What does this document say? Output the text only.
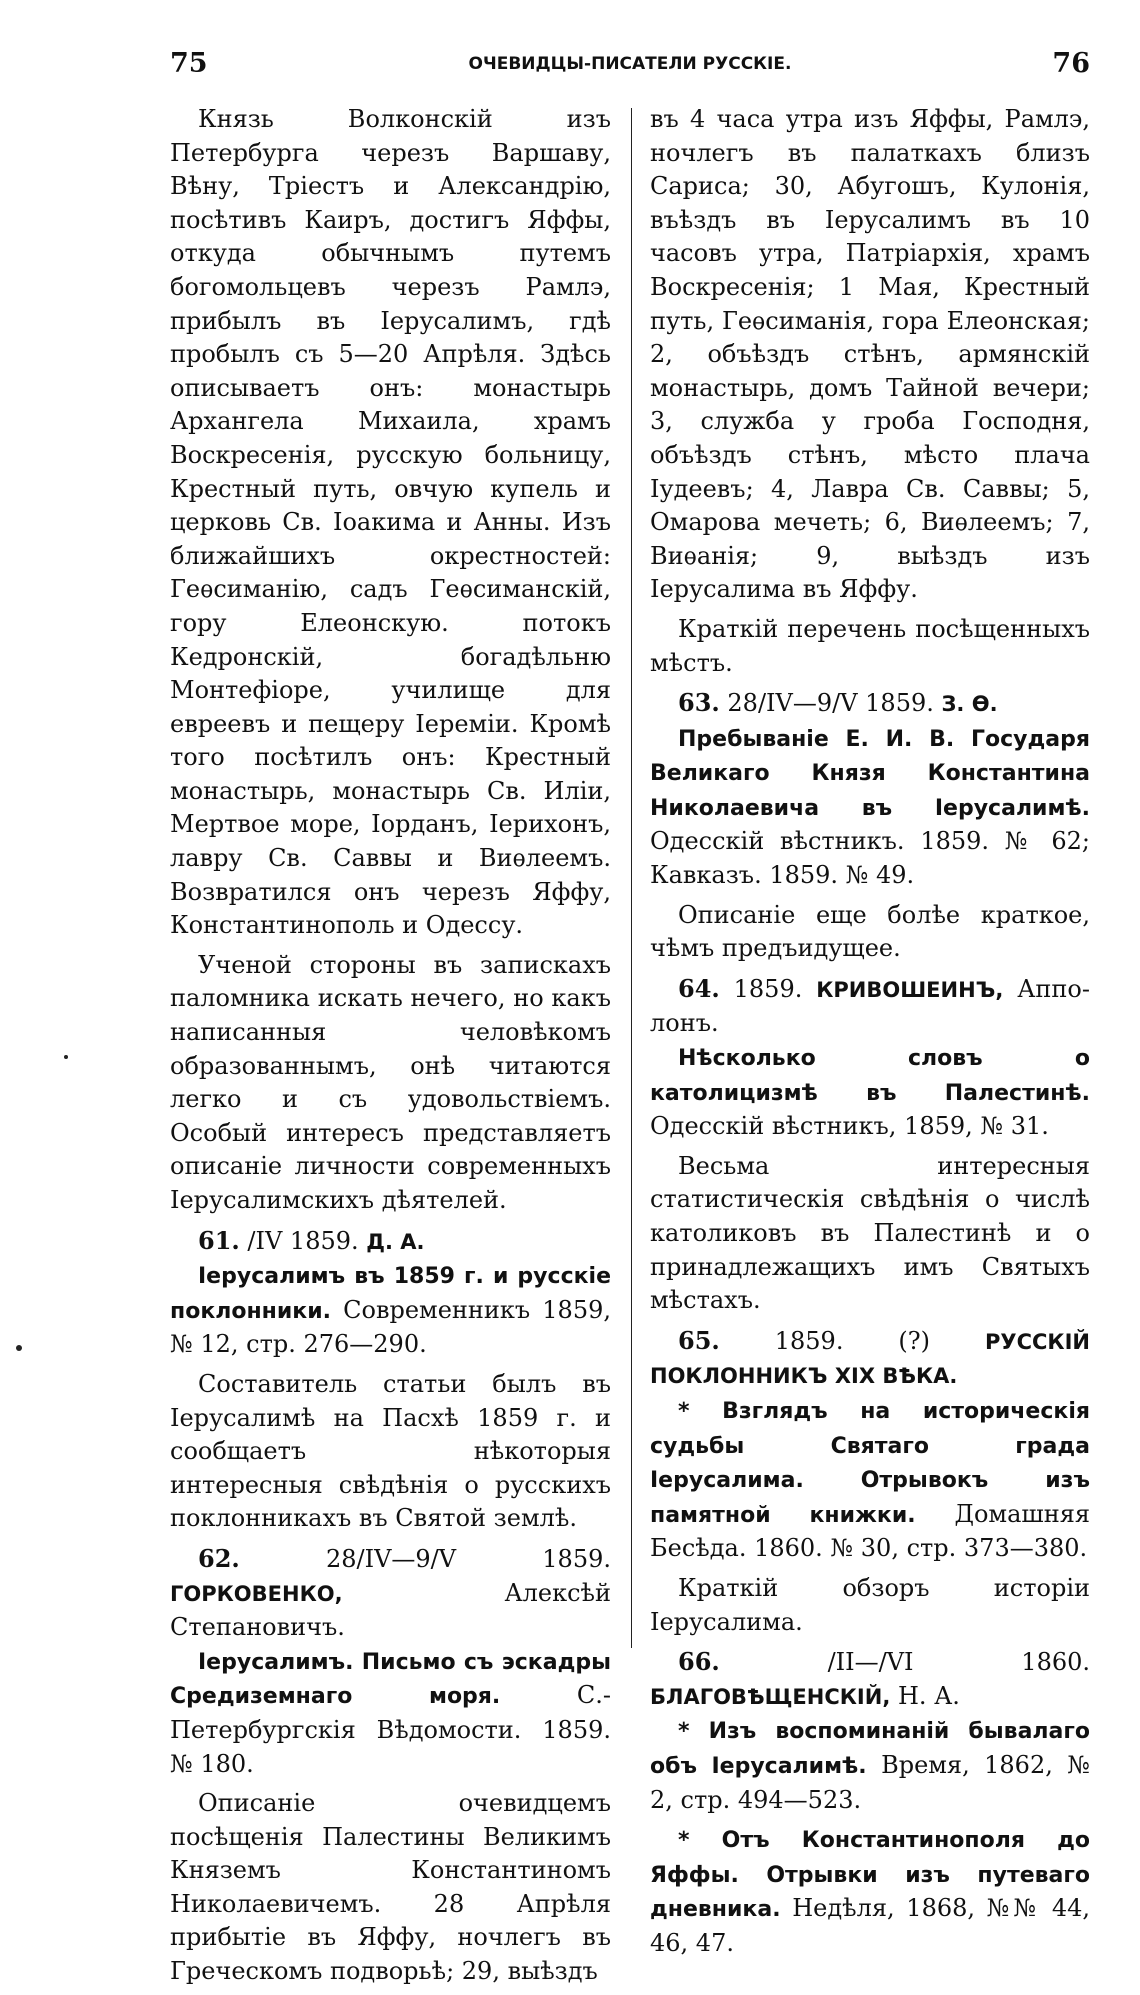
75	ОЧЕВИДЦЫ-ПИСАТЕЛИ РУССКІЕ.	76

Князь Волконскій изъ Петербурга черезъ Варшаву, Вѣну, Тріестъ и Александрію, посѣтивъ Каиръ, достигъ Яффы, откуда обычнымъ путемъ богомольцевъ черезъ Рамлэ, прибылъ въ Іерусалимъ, гдѣ пробылъ съ 5—20 Апрѣля. Здѣсь описываетъ онъ: монастырь Архангела Михаила, храмъ Воскресенія, русскую больницу, Крестный путь, овчую купель и церковь Св. Іоакима и Анны. Изъ ближайшихъ окрестностей: Геѳсиманію, садъ Геѳсиманскій, гору Елеонскую. потокъ Кедронскій, богадѣльню Монтефіоре, училище для евреевъ и пещеру Іереміи. Кромѣ того посѣтилъ онъ: Крестный монастырь, монастырь Св. Иліи, Мертвое море, Іорданъ, Іерихонъ, лавру Св. Саввы и Виѳлеемъ. Возвратился онъ черезъ Яффу, Константинополь и Одессу.

Ученой стороны въ запискахъ паломника искать нечего, но какъ написанныя человѣкомъ образованнымъ, онѣ читаются легко и съ удовольствіемъ. Особый интересъ представляетъ описаніе личности современныхъ Іерусалимскихъ дѣятелей.

61. /IV 1859. Д. А.

Іерусалимъ въ 1859 г. и русскіе поклонники. Современникъ 1859, № 12, стр. 276—290.

Составитель статьи былъ въ Іерусалимѣ на Пасхѣ 1859 г. и сообщаетъ нѣкоторыя интересныя свѣдѣнія о русскихъ поклонникахъ въ Святой землѣ.

62.	28/IV—9/V 1859. ГОРКОВЕНКО,	Алексѣй Степановичъ.

Іерусалимъ. Письмо съ эскадры Средиземнаго моря.	С.-Петербургскія Вѣдомости. 1859. № 180.

Описаніе очевидцемъ посѣщенія Палестины Великимъ Княземъ Константиномъ Николаевичемъ. 28 Апрѣля прибытіе въ Яффу, ночлегъ въ Греческомъ подворьѣ; 29, выѣздъ

въ 4 часа утра изъ Яффы, Рамлэ, ночлегъ въ палаткахъ близъ Сариса; 30, Абугошъ, Кулонія, въѣздъ въ Іерусалимъ въ 10 часовъ утра, Патріархія, храмъ Воскресенія; 1 Мая, Крестный путь, Геѳсиманія, гора Елеонская; 2, объѣздъ стѣнъ, армянскій монастырь, домъ Тайной вечери; 3, служба у гроба Господня, объѣздъ стѣнъ, мѣсто плача Іудеевъ; 4, Лавра Св. Саввы; 5, Омарова мечеть; 6, Виѳлеемъ; 7, Виѳанія; 9, выѣздъ изъ Іерусалима въ Яффу.

Краткій перечень посѣщенныхъ мѣстъ.

63. 28/IV—9/V 1859. З. Ѳ.

Пребываніе Е. И. В. Государя Великаго Князя Константина Николаевича въ Іерусалимѣ. Одесскій вѣстникъ. 1859. № 62; Кавказъ. 1859. № 49.

Описаніе еще болѣе краткое, чѣмъ предъидущее.

64. 1859. КРИВОШЕИНЪ, Апполонъ.

Нѣсколько словъ о католицизмѣ въ Палестинѣ. Одесскій вѣстникъ, 1859, № 31.

Весьма интересныя статистическія свѣдѣнія о числѣ католиковъ въ Палестинѣ и о принадлежащихъ имъ Святыхъ мѣстахъ.

65. 1859. (?)	РУССКІЙ ПОКЛОННИКЪ XIX ВѢКА.

* Взглядъ на историческія судьбы Святаго града Іерусалима. Отрывокъ изъ памятной книжки. Домашняя Бесѣда. 1860. № 30, стр. 373—380.

Краткій обзоръ исторіи Іерусалима.

66.	/II—/VI 1860. БЛАГОВѢЩЕНСКІЙ, Н. А.

* Изъ воспоминаній бывалаго объ Іерусалимѣ. Время, 1862, № 2, стр. 494—523.

* Отъ Константинополя до Яффы. Отрывки изъ путеваго дневника. Недѣля, 1868, №№ 44, 46, 47.
